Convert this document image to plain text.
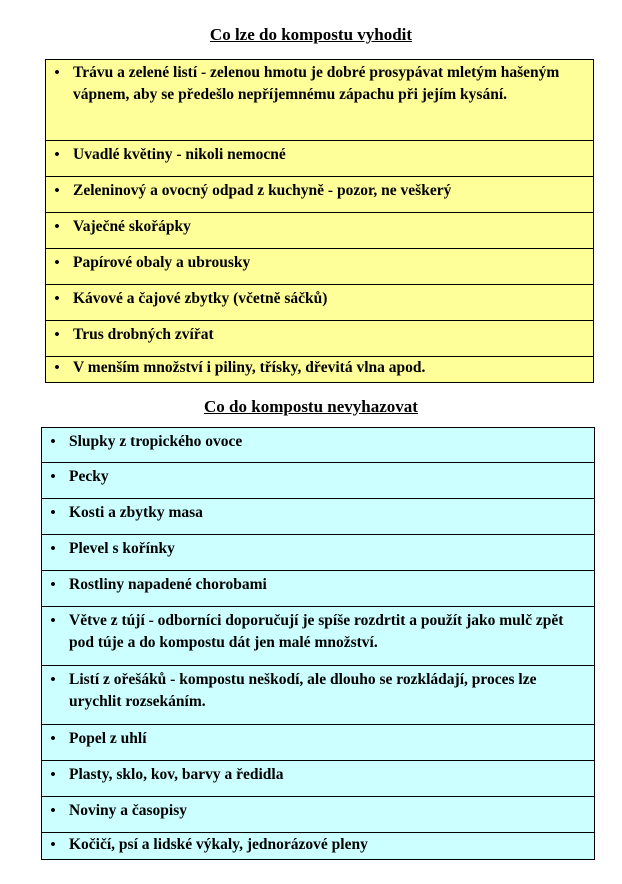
Co lze do kompostu vyhodit
• Trávu a zelené listí - zelenou hmotu je dobré prosypávat mletým hašeným vápnem, aby se předešlo nepříjemnému zápachu při jejím kysání.

• Uvadlé květiny - nikoli nemocné

• Zeleninový a ovocný odpad z kuchyně - pozor, ne veškerý

• Vaječné skořápky

• Papírové obaly a ubrousky

• Kávové a čajové zbytky (včetně sáčků)

• Trus drobných zvířat

• V menším množství i piliny, třísky, dřevitá vlna apod.
Co do kompostu nevyhazovat
• Slupky z tropického ovoce

• Pecky

• Kosti a zbytky masa

• Plevel s kořínky

• Rostliny napadené chorobami

• Větve z tújí - odborníci doporučují je spíše rozdrtit a použít jako mulč zpět pod túje a do kompostu dát jen malé množství.

• Listí z ořešáků - kompostu neškodí, ale dlouho se rozkládají, proces lze urychlit rozsekáním.

• Popel z uhlí

• Plasty, sklo, kov, barvy a ředidla

• Noviny a časopisy

• Kočičí, psí a lidské výkaly, jednorázové pleny
